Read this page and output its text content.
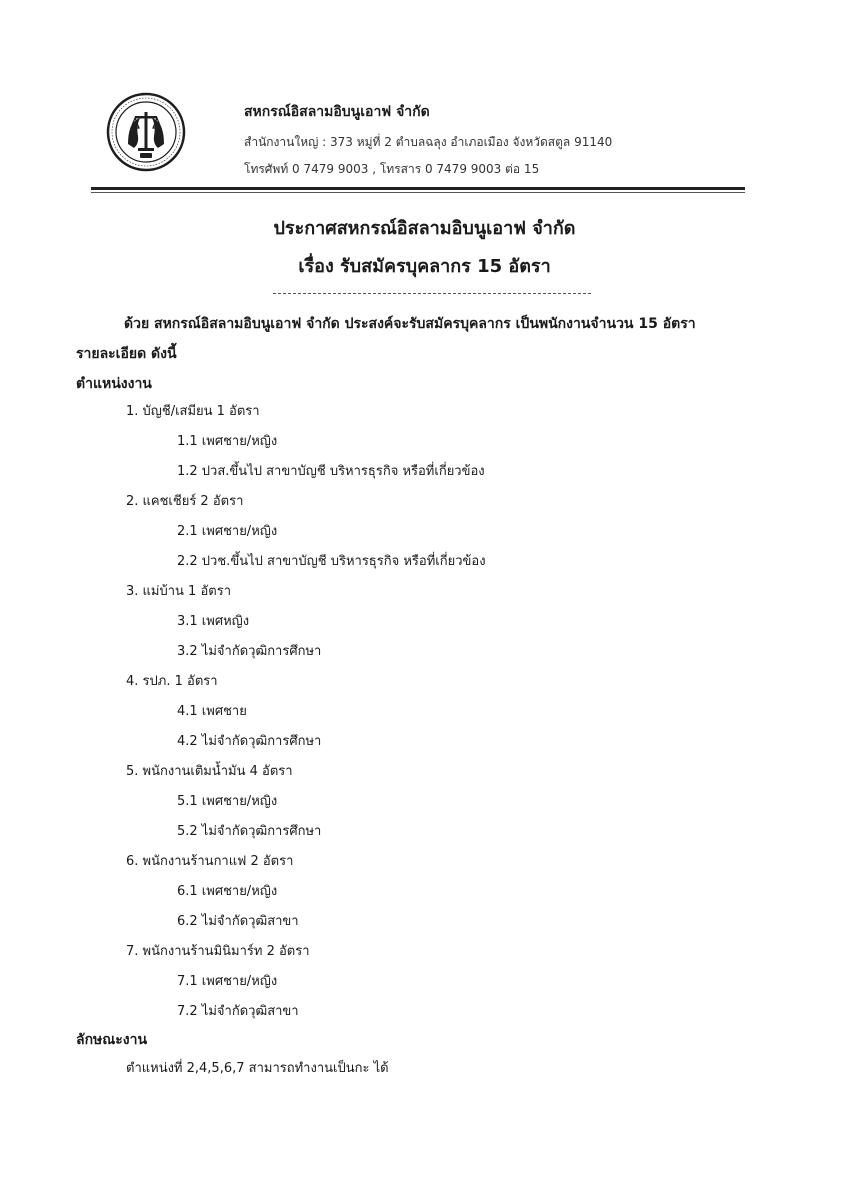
สหกรณ์อิสลามอิบนูเอาฟ จำกัด
สำนักงานใหญ่ : 373 หมู่ที่ 2 ตำบลฉลุง อำเภอเมือง จังหวัดสตูล 91140
โทรศัพท์ 0 7479 9003 , โทรสาร 0 7479 9003 ต่อ 15
ประกาศสหกรณ์อิสลามอิบนูเอาฟ จำกัด
เรื่อง รับสมัครบุคลากร 15 อัตรา
ด้วย สหกรณ์อิสลามอิบนูเอาฟ จำกัด ประสงค์จะรับสมัครบุคลากร เป็นพนักงานจำนวน 15 อัตรา
รายละเอียด ดังนี้
ตำแหน่งงาน
1. บัญชี/เสมียน 1 อัตรา
1.1 เพศชาย/หญิง
1.2 ปวส.ขึ้นไป สาขาบัญชี บริหารธุรกิจ หรือที่เกี่ยวข้อง
2. แคชเชียร์ 2 อัตรา
2.1 เพศชาย/หญิง
2.2 ปวช.ขึ้นไป สาขาบัญชี บริหารธุรกิจ หรือที่เกี่ยวข้อง
3. แม่บ้าน 1 อัตรา
3.1 เพศหญิง
3.2 ไม่จำกัดวุฒิการศึกษา
4. รปภ. 1 อัตรา
4.1 เพศชาย
4.2 ไม่จำกัดวุฒิการศึกษา
5. พนักงานเติมน้ำมัน 4 อัตรา
5.1 เพศชาย/หญิง
5.2 ไม่จำกัดวุฒิการศึกษา
6. พนักงานร้านกาแฟ 2 อัตรา
6.1 เพศชาย/หญิง
6.2 ไม่จำกัดวุฒิสาขา
7. พนักงานร้านมินิมาร์ท 2 อัตรา
7.1 เพศชาย/หญิง
7.2 ไม่จำกัดวุฒิสาขา
ลักษณะงาน
ตำแหน่งที่ 2,4,5,6,7 สามารถทำงานเป็นกะ ได้
